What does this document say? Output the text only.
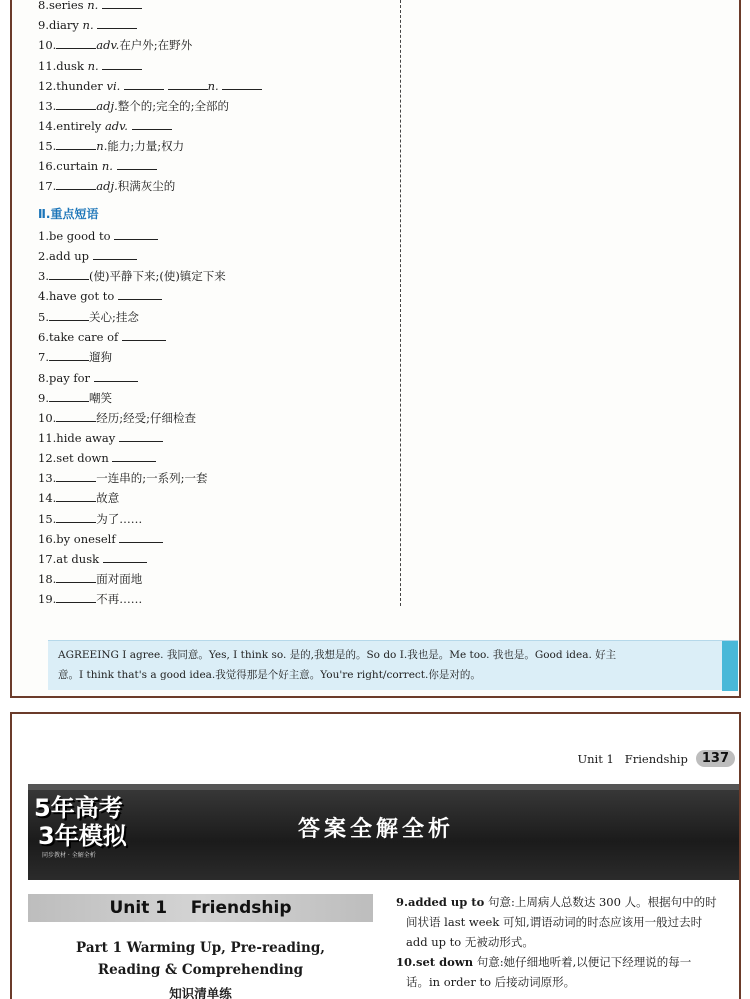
8.series n.
9.diary n.
10.	adv.在户外;在野外
11.dusk n.
12.thunder vi.	n.
13.	adj.整个的;完全的;全部的
14.entirely adv.
15.	n.能力;力量;权力
16.curtain n.
17.	adj.积满灰尘的
Ⅱ.重点短语
1.be good to
2.add up
3.	(使)平静下来;(使)镇定下来
4.have got to
5.	关心;挂念
6.take care of
7.	遛狗
8.pay for
9.	嘲笑
10.	经历;经受;仔细检查
11.hide away
12.set down
13.	一连串的;一系列;一套
14.	故意
15.	为了……
16.by oneself
17.at dusk
18.	面对面地
19.	不再……
AGREEING I agree. 我同意。Yes, I think so. 是的,我想是的。So do I.我也是。Me too. 我也是。Good idea. 好主
意。I think that's a good idea.我觉得那是个好主意。You're right/correct.你是对的。
Unit 1   Friendship	137
5年高考
3年模拟
同步教材 · 全解全析
答案全解全析
Unit 1    Friendship
Part 1 Warming Up, Pre-reading,
Reading & Comprehending
知识清单练
9.added up to 句意:上周病人总数达 300 人。根据句中的时
间状语 last week 可知,谓语动词的时态应该用一般过去时
add up to 无被动形式。
10.set down 句意:她仔细地听着,以便记下经理说的每一
话。in order to 后接动词原形。
